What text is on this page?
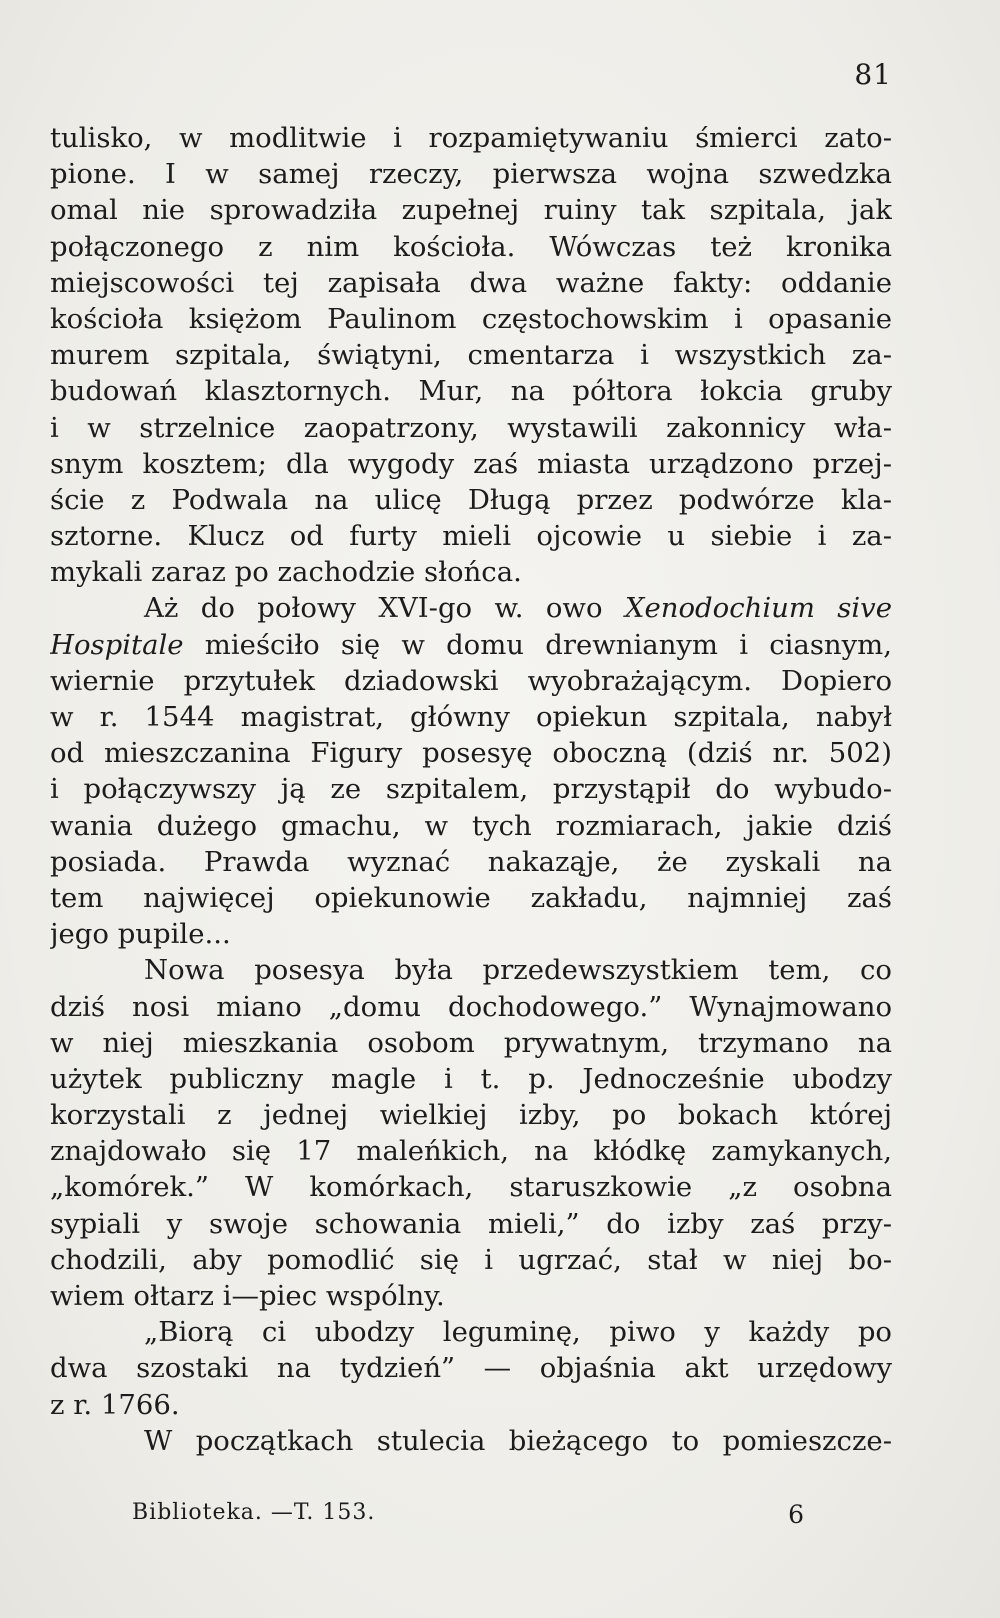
81
tulisko, w modlitwie i rozpamiętywaniu śmierci zato-
pione. I w samej rzeczy, pierwsza wojna szwedzka
omal nie sprowadziła zupełnej ruiny tak szpitala, jak
połączonego z nim kościoła. Wówczas też kronika
miejscowości tej zapisała dwa ważne fakty: oddanie
kościoła księżom Paulinom częstochowskim i opasanie
murem szpitala, świątyni, cmentarza i wszystkich za-
budowań klasztornych. Mur, na półtora łokcia gruby
i w strzelnice zaopatrzony, wystawili zakonnicy wła-
snym kosztem; dla wygody zaś miasta urządzono przej-
ście z Podwala na ulicę Długą przez podwórze kla-
sztorne. Klucz od furty mieli ojcowie u siebie i za-
mykali zaraz po zachodzie słońca.
Aż do połowy XVI-go w. owo Xenodochium sive
Hospitale mieściło się w domu drewnianym i ciasnym,
wiernie przytułek dziadowski wyobrażającym. Dopiero
w r. 1544 magistrat, główny opiekun szpitala, nabył
od mieszczanina Figury posesyę oboczną (dziś nr. 502)
i połączywszy ją ze szpitalem, przystąpił do wybudo-
wania dużego gmachu, w tych rozmiarach, jakie dziś
posiada. Prawda wyznać nakaząje, że zyskali na
tem najwięcej opiekunowie zakładu, najmniej zaś
jego pupile...
Nowa posesya była przedewszystkiem tem, co
dziś nosi miano „domu dochodowego.” Wynajmowano
w niej mieszkania osobom prywatnym, trzymano na
użytek publiczny magle i t. p. Jednocześnie ubodzy
korzystali z jednej wielkiej izby, po bokach której
znajdowało się 17 maleńkich, na kłódkę zamykanych,
„komórek.” W komórkach, staruszkowie „z osobna
sypiali y swoje schowania mieli,” do izby zaś przy-
chodzili, aby pomodlić się i ugrzać, stał w niej bo-
wiem ołtarz i—piec wspólny.
„Biorą ci ubodzy leguminę, piwo y każdy po
dwa szostaki na tydzień” — objaśnia akt urzędowy
z r. 1766.
W początkach stulecia bieżącego to pomieszcze-
Biblioteka. —T. 153.	6
